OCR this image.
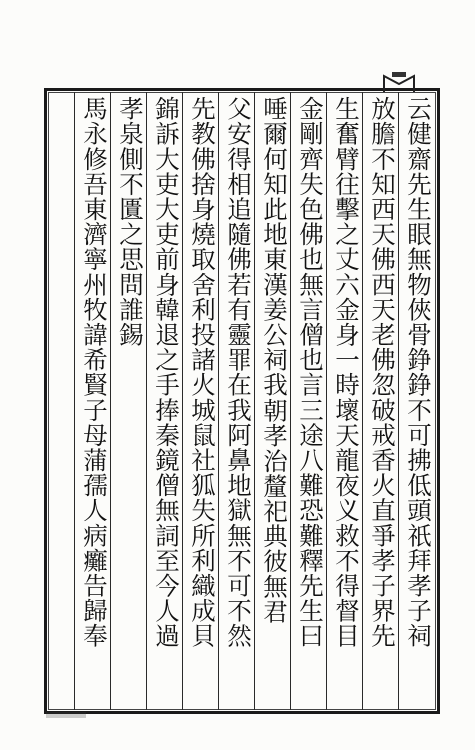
云健齋先生眼無物俠骨錚錚不可拂低頭祇拜孝子祠
放膽不知西天佛西天老佛忽破戒香火直爭孝子界先
生奮臂往擊之丈六金身一時壞天龍夜义救不得督目
金剛齊失色佛也無言僧也言三途八難恐難釋先生曰
唾爾何知此地東漢姜公祠我
朝孝治釐祀典彼無君
父安得相追隨佛若有靈罪在我阿鼻地獄無不可不然
先教佛捨身燒取舍利投諸火城鼠社狐失所利織成貝
錦訴大吏大吏前身韓退之手捧秦鏡僧無詞至今人過
孝泉側不匱之思問誰錫
馬永修吾東濟寧州牧諱希賢子母蒲孺人病癱告歸奉
